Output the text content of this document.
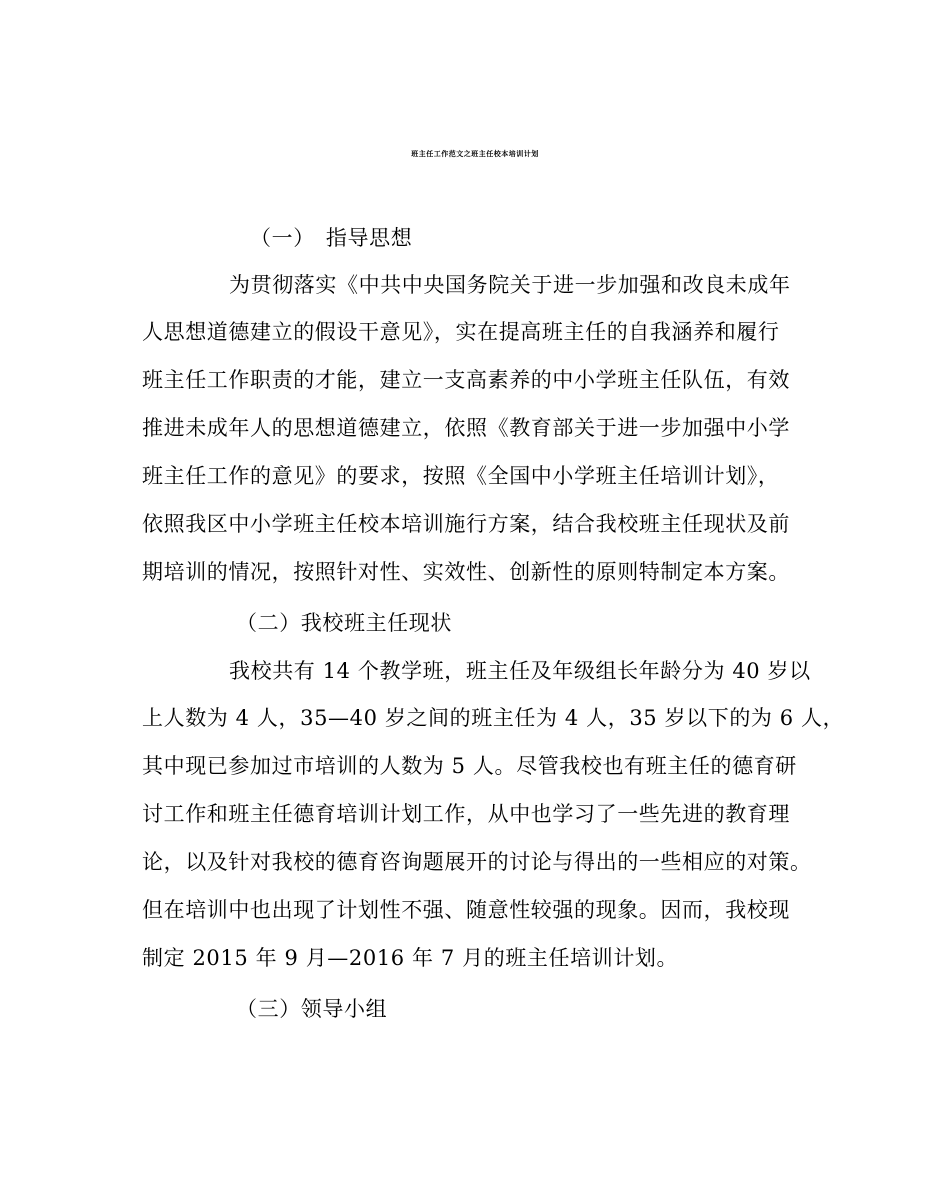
班主任工作范文之班主任校本培训计划
（一）　指导思想
为贯彻落实《中共中央国务院关于进一步加强和改良未成年
人思想道德建立的假设干意见》，实在提高班主任的自我涵养和履行
班主任工作职责的才能，建立一支高素养的中小学班主任队伍，有效
推进未成年人的思想道德建立，依照《教育部关于进一步加强中小学
班主任工作的意见》的要求，按照《全国中小学班主任培训计划》，
依照我区中小学班主任校本培训施行方案，结合我校班主任现状及前
期培训的情况，按照针对性、实效性、创新性的原则特制定本方案。
（二）我校班主任现状
我校共有 14 个教学班，班主任及年级组长年龄分为 40 岁以
上人数为 4 人，35—40 岁之间的班主任为 4 人，35 岁以下的为 6 人，
其中现已参加过市培训的人数为 5 人。尽管我校也有班主任的德育研
讨工作和班主任德育培训计划工作，从中也学习了一些先进的教育理
论，以及针对我校的德育咨询题展开的讨论与得出的一些相应的对策。
但在培训中也出现了计划性不强、随意性较强的现象。因而，我校现
制定 2015 年 9 月—2016 年 7 月的班主任培训计划。
（三）领导小组
